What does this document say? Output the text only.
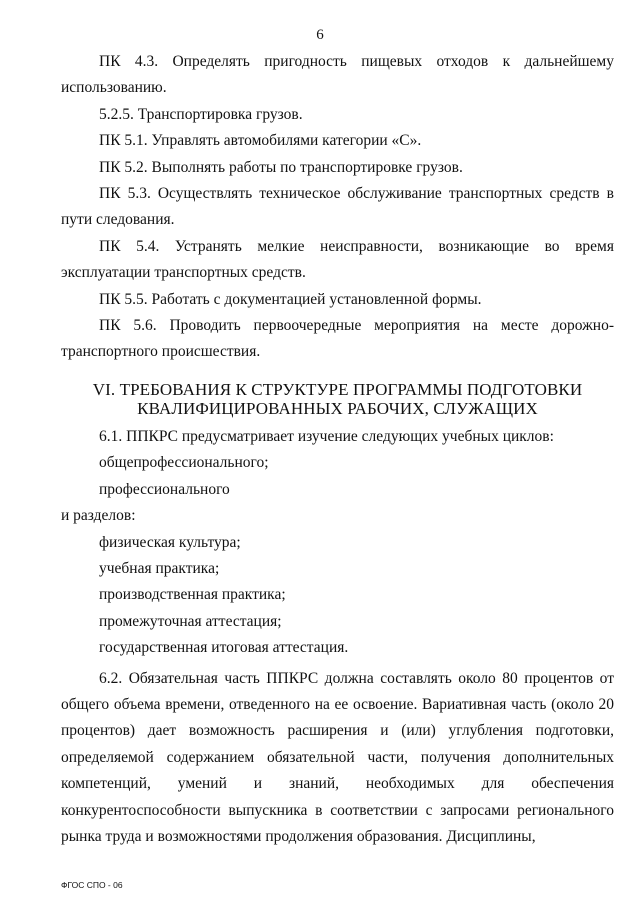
6

ПК 4.3. Определять пригодность пищевых отходов к дальнейшему использованию.

5.2.5. Транспортировка грузов.

ПК 5.1. Управлять автомобилями категории «С».

ПК 5.2. Выполнять работы по транспортировке грузов.

ПК 5.3. Осуществлять техническое обслуживание транспортных средств в пути следования.

ПК 5.4. Устранять мелкие неисправности, возникающие во время эксплуатации транспортных средств.

ПК 5.5. Работать с документацией установленной формы.

ПК 5.6. Проводить первоочередные мероприятия на месте дорожно-транспортного происшествия.

VI. ТРЕБОВАНИЯ К СТРУКТУРЕ ПРОГРАММЫ ПОДГОТОВКИ
КВАЛИФИЦИРОВАННЫХ РАБОЧИХ, СЛУЖАЩИХ

6.1. ППКРС предусматривает изучение следующих учебных циклов:

общепрофессионального;

профессионального

и разделов:

физическая культура;

учебная практика;

производственная практика;

промежуточная аттестация;

государственная итоговая аттестация.

6.2. Обязательная часть ППКРС должна составлять около 80 процентов от общего объема времени, отведенного на ее освоение. Вариативная часть (около 20 процентов) дает возможность расширения и (или) углубления подготовки, определяемой содержанием обязательной части, получения дополнительных компетенций, умений и знаний, необходимых для обеспечения конкурентоспособности выпускника в соответствии с запросами регионального рынка труда и возможностями продолжения образования. Дисциплины,

ФГОС СПО - 06
